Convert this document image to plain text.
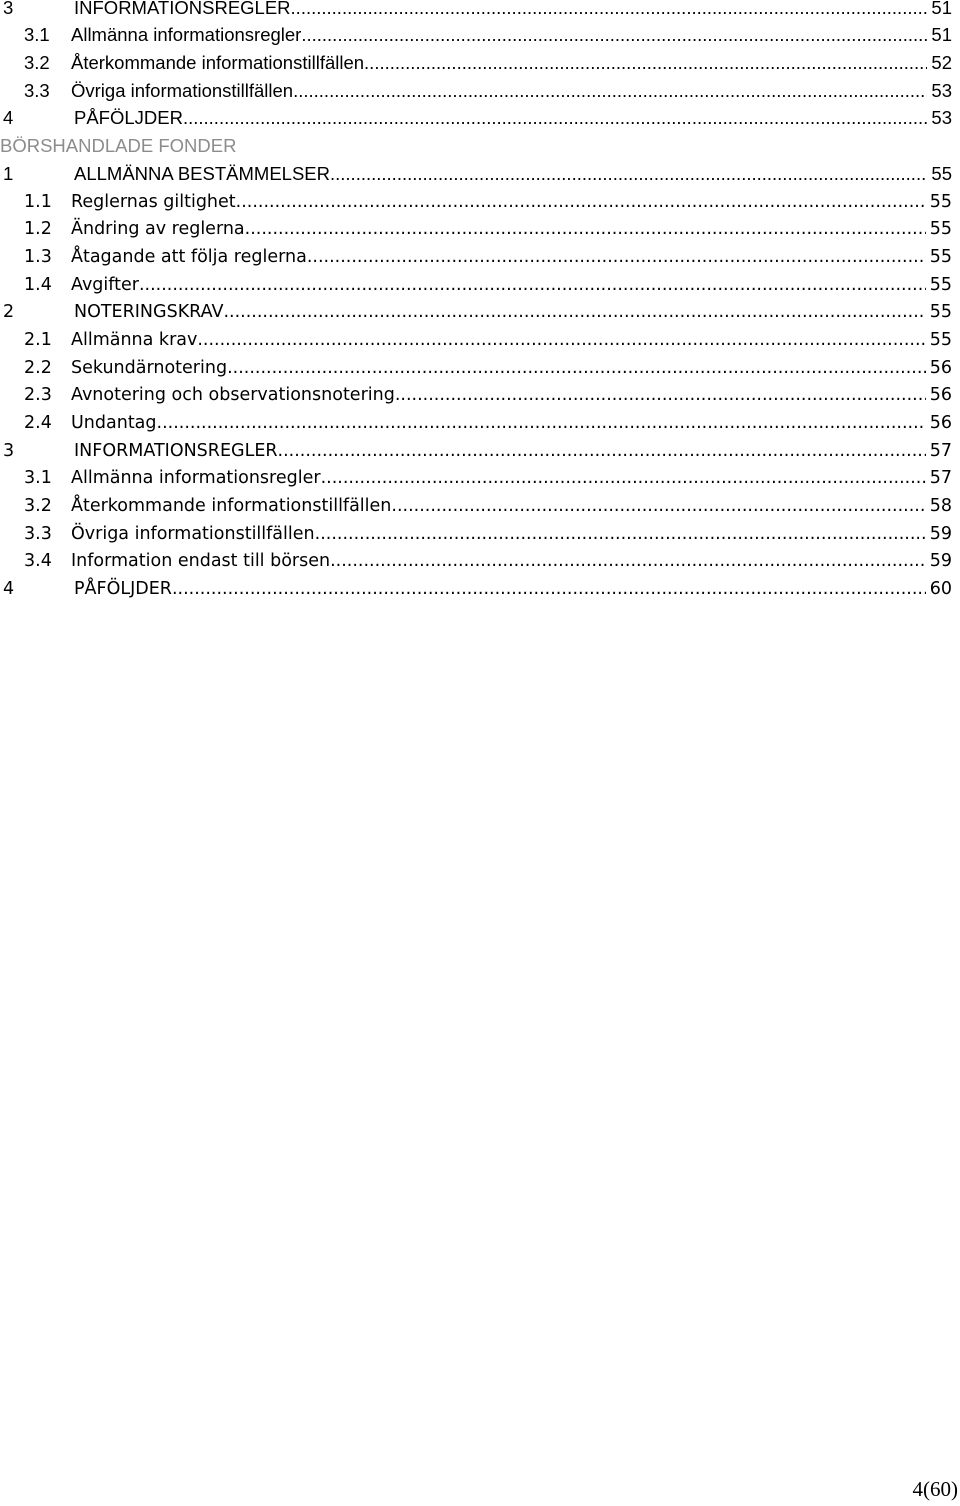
3	INFORMATIONSREGLER .....	51
3.1	Allmänna informationsregler .....	51
3.2	Återkommande informationstillfällen .....	52
3.3	Övriga informationstillfällen .....	53
4	PÅFÖLJDER .....	53
BÖRSHANDLADE FONDER
1	ALLMÄNNA BESTÄMMELSER .....	55
1.1	Reglernas giltighet .....	55
1.2	Ändring av reglerna .....	55
1.3	Åtagande att följa reglerna .....	55
1.4	Avgifter .....	55
2	NOTERINGSKRAV .....	55
2.1	Allmänna krav .....	55
2.2	Sekundärnotering .....	56
2.3	Avnotering och observationsnotering .....	56
2.4	Undantag .....	56
3	INFORMATIONSREGLER .....	57
3.1	Allmänna informationsregler .....	57
3.2	Återkommande informationstillfällen .....	58
3.3	Övriga informationstillfällen .....	59
3.4	Information endast till börsen .....	59
4	PÅFÖLJDER .....	60
4(60)
